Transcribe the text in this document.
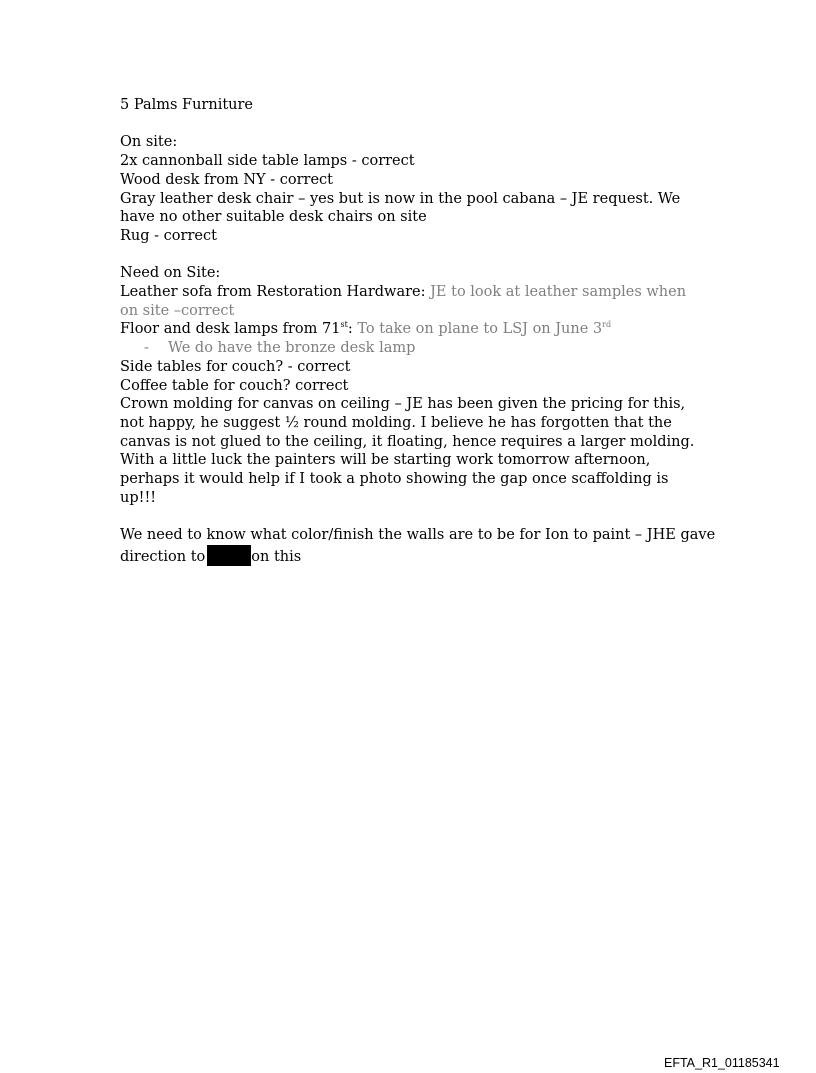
5 Palms Furniture
On site:
2x cannonball side table lamps - correct
Wood desk from NY - correct
Gray leather desk chair – yes but is now in the pool cabana – JE request. We have no other suitable desk chairs on site
Rug - correct
Need on Site:
Leather sofa from Restoration Hardware: JE to look at leather samples when on site –correct
Floor and desk lamps from 71st: To take on plane to LSJ on June 3rd
- We do have the bronze desk lamp
Side tables for couch? - correct
Coffee table for couch? correct
Crown molding for canvas on ceiling – JE has been given the pricing for this, not happy, he suggest ½ round molding. I believe he has forgotten that the canvas is not glued to the ceiling, it floating, hence requires a larger molding. With a little luck the painters will be starting work tomorrow afternoon, perhaps it would help if I took a photo showing the gap once scaffolding is up!!!
We need to know what color/finish the walls are to be for Ion to paint – JHE gave
direction to	on this
EFTA_R1_01185341
